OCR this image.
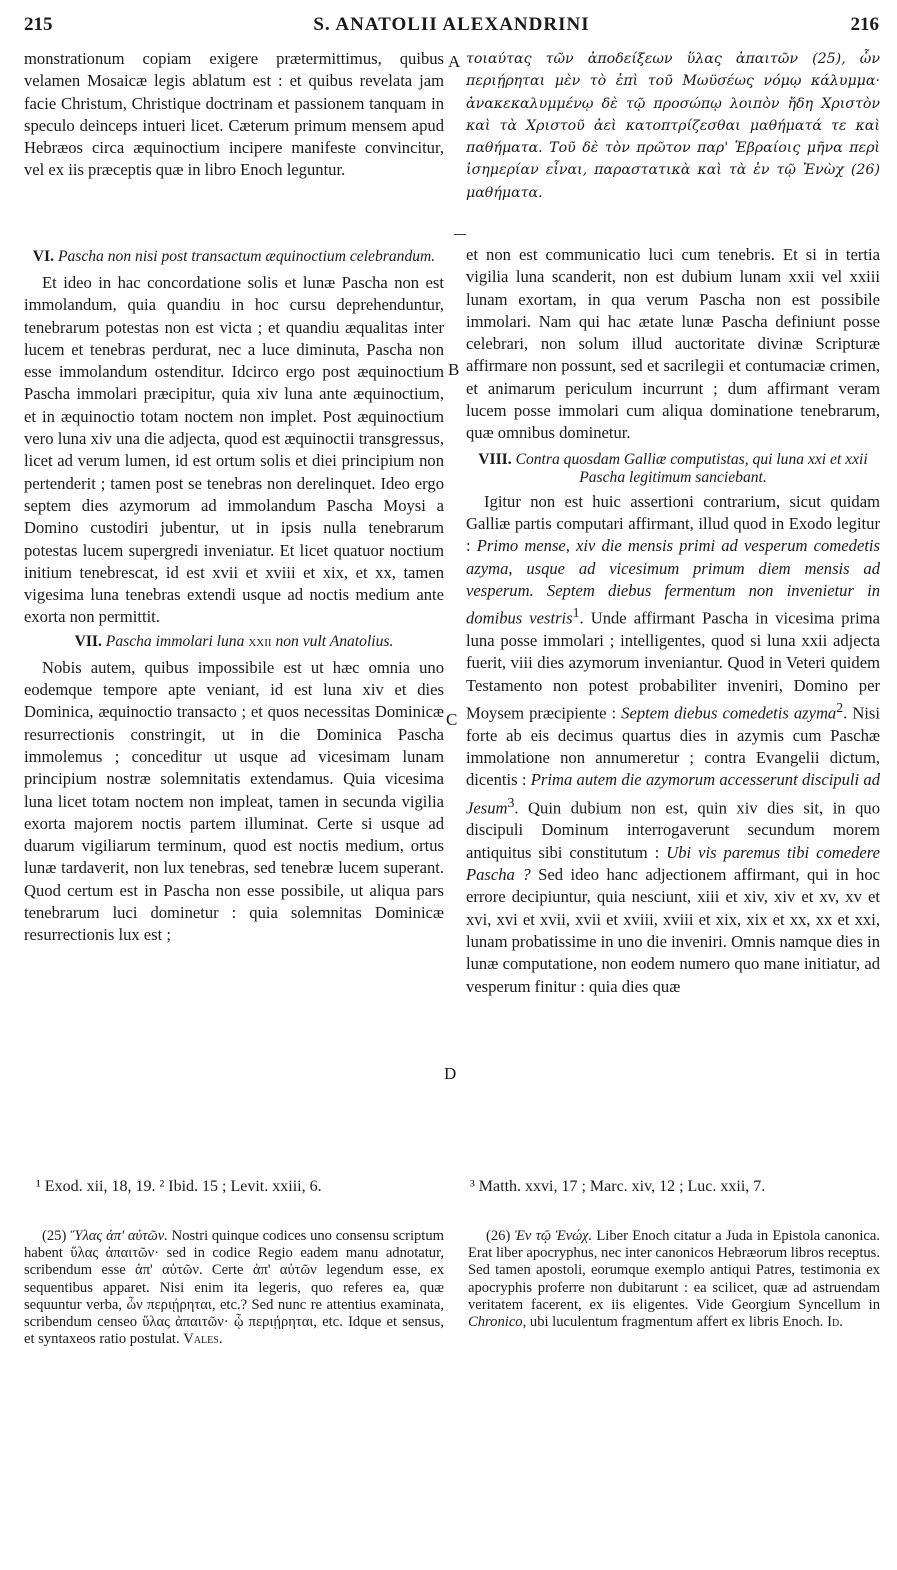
215	S. ANATOLII ALEXANDRINI	216

monstrationum copiam exigere prætermittimus, quibus velamen Mosaicæ legis ablatum est : et quibus revelata jam facie Christum, Christique doctrinam et passionem tanquam in speculo deinceps intueri licet. Cæterum primum mensem apud Hebræos circa æquinoctium incipere manifeste convincitur, vel ex iis præceptis quæ in libro Enoch leguntur.

A τοιαύτας τῶν ἀποδείξεων ὕλας ἀπαιτῶν (25), ὧν περιῄρηται μὲν τὸ ἐπὶ τοῦ Μωϋσέως νόμῳ κάλυμμα· ἀνακεκαλυμμένῳ δὲ τῷ προσώπῳ λοιπὸν ἤδη Χριστὸν καὶ τὰ Χριστοῦ ἀεὶ κατοπτρίζεσθαι μαθήματά τε καὶ παθήματα. Τοῦ δὲ τὸν πρῶτον παρ' Ἑβραίοις μῆνα περὶ ἰσημερίαν εἶναι, παραστατικὰ καὶ τὰ ἐν τῷ Ἐνὼχ (26) μαθήματα.

VI. Pascha non nisi post transactum æquinoctium celebrandum.

Et ideo in hac concordatione solis et lunæ Pascha non est immolandum, quia quandiu in hoc cursu deprehenduntur, tenebrarum potestas non est victa ; et quandiu æqualitas inter lucem et tenebras perdurat, nec a luce diminuta, Pascha non esse immolandum ostenditur. Idcirco ergo post æquinoctium Pascha immolari præcipitur, quia xiv luna ante æquinoctium, et in æquinoctio totam noctem non implet. Post æquinoctium vero luna xiv una die adjecta, quod est æquinoctii transgressus, licet ad verum lumen, id est ortum solis et diei principium non pertenderit ; tamen post se tenebras non derelinquet. Ideo ergo septem dies azymorum ad immolandum Pascha Moysi a Domino custodiri jubentur, ut in ipsis nulla tenebrarum potestas lucem supergredi inveniatur. Et licet quatuor noctium initium tenebrescat, id est xvii et xviii et xix, et xx, tamen vigesima luna tenebras extendi usque ad noctis medium ante exorta non permittit.

VII. Pascha immolari luna xxii non vult Anatolius.

Nobis autem, quibus impossibile est ut hæc omnia uno eodemque tempore apte veniant, id est luna xiv et dies Dominica, æquinoctio transacto ; et quos necessitas Dominicæ resurrectionis constringit, ut in die Dominica Pascha immolemus ; conceditur ut usque ad vicesimam lunam principium nostræ solemnitatis extendamus. Quia vicesima luna licet totam noctem non impleat, tamen in secunda vigilia exorta majorem noctis partem illuminat. Certe si usque ad duarum vigiliarum terminum, quod est noctis medium, ortus lunæ tardaverit, non lux tenebras, sed tenebræ lucem superant. Quod certum est in Pascha non esse possibile, ut aliqua pars tenebrarum luci dominetur : quia solemnitas Dominicæ resurrectionis lux est ;

B
C
D

et non est communicatio luci cum tenebris. Et si in tertia vigilia luna scanderit, non est dubium lunam xxii vel xxiii lunam exortam, in qua verum Pascha non est possibile immolari. Nam qui hac ætate lunæ Pascha definiunt posse celebrari, non solum illud auctoritate divinæ Scripturæ affirmare non possunt, sed et sacrilegii et contumaciæ crimen, et animarum periculum incurrunt ; dum affirmant veram lucem posse immolari cum aliqua dominatione tenebrarum, quæ omnibus dominetur.

VIII. Contra quosdam Galliæ computistas, qui luna xxi et xxii Pascha legitimum sanciebant.

Igitur non est huic assertioni contrarium, sicut quidam Galliæ partis computari affirmant, illud quod in Exodo legitur : Primo mense, xiv die mensis primi ad vesperum comedetis azyma, usque ad vicesimum primum diem mensis ad vesperum. Septem diebus fermentum non invenietur in domibus vestris$^1$. Unde affirmant Pascha in vicesima prima luna posse immolari ; intelligentes, quod si luna xxii adjecta fuerit, viii dies azymorum inveniantur. Quod in Veteri quidem Testamento non potest probabiliter inveniri, Domino per Moysem præcipiente : Septem diebus comedetis azyma$^2$. Nisi forte ab eis decimus quartus dies in azymis cum Paschæ immolatione non annumeretur ; contra Evangelii dictum, dicentis : Prima autem die azymorum accesserunt discipuli ad Jesum$^3$. Quin dubium non est, quin xiv dies sit, in quo discipuli Dominum interrogaverunt secundum morem antiquitus sibi constitutum : Ubi vis paremus tibi comedere Pascha ? Sed ideo hanc adjectionem affirmant, qui in hoc errore decipiuntur, quia nesciunt, xiii et xiv, xiv et xv, xv et xvi, xvi et xvii, xvii et xviii, xviii et xix, xix et xx, xx et xxi, lunam probatissime in uno die inveniri. Omnis namque dies in lunæ computatione, non eodem numero quo mane initiatur, ad vesperum finitur : quia dies quæ

¹ Exod. xii, 18, 19. ² Ibid. 15 ; Levit. xxiii, 6.	³ Matth. xxvi, 17 ; Marc. xiv, 12 ; Luc. xxii, 7.

(25) Ὕλας ἀπ' αὐτῶν. Nostri quinque codices uno consensu scriptum habent ὕλας ἀπαιτῶν· sed in codice Regio eadem manu adnotatur, scribendum esse ἀπ' αὐτῶν. Certe ἀπ' αὐτῶν legendum esse, ex sequentibus apparet. Nisi enim ita legeris, quo referes ea, quæ sequuntur verba, ὧν περιῄρηται, etc.? Sed nunc re attentius examinata, scribendum censeo ὕλας ἀπαιτῶν· ᾧ περιῄρηται, etc. Idque et sensus, et syntaxeos ratio postulat. Vales.

(26) Ἐν τῷ Ἐνώχ. Liber Enoch citatur a Juda in Epistola canonica. Erat liber apocryphus, nec inter canonicos Hebræorum libros receptus. Sed tamen apostoli, eorumque exemplo antiqui Patres, testimonia ex apocryphis proferre non dubitarunt : ea scilicet, quæ ad astruendam veritatem facerent, ex iis eligentes. Vide Georgium Syncellum in Chronico, ubi luculentum fragmentum affert ex libris Enoch. Id.
